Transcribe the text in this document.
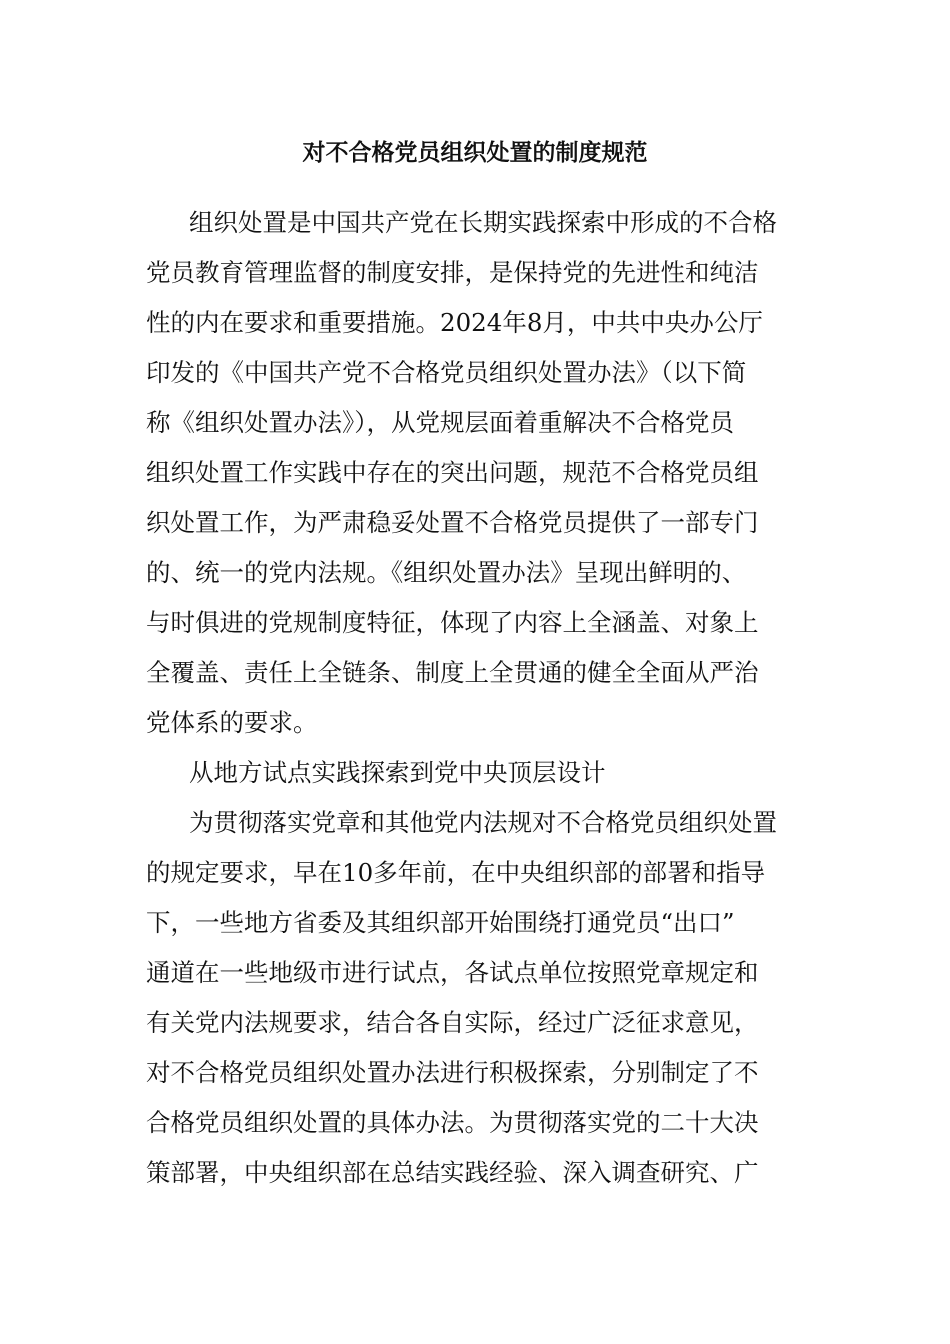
对不合格党员组织处置的制度规范

组织处置是中国共产党在长期实践探索中形成的不合格

党员教育管理监督的制度安排，是保持党的先进性和纯洁

性的内在要求和重要措施。2024年8月，中共中央办公厅

印发的《中国共产党不合格党员组织处置办法》（以下简

称《组织处置办法》），从党规层面着重解决不合格党员

组织处置工作实践中存在的突出问题，规范不合格党员组

织处置工作，为严肃稳妥处置不合格党员提供了一部专门

的、统一的党内法规。《组织处置办法》呈现出鲜明的、

与时俱进的党规制度特征，体现了内容上全涵盖、对象上

全覆盖、责任上全链条、制度上全贯通的健全全面从严治

党体系的要求。

从地方试点实践探索到党中央顶层设计

为贯彻落实党章和其他党内法规对不合格党员组织处置

的规定要求，早在10多年前，在中央组织部的部署和指导

下，一些地方省委及其组织部开始围绕打通党员“出口”

通道在一些地级市进行试点，各试点单位按照党章规定和

有关党内法规要求，结合各自实际，经过广泛征求意见，

对不合格党员组织处置办法进行积极探索，分别制定了不

合格党员组织处置的具体办法。为贯彻落实党的二十大决

策部署，中央组织部在总结实践经验、深入调查研究、广
